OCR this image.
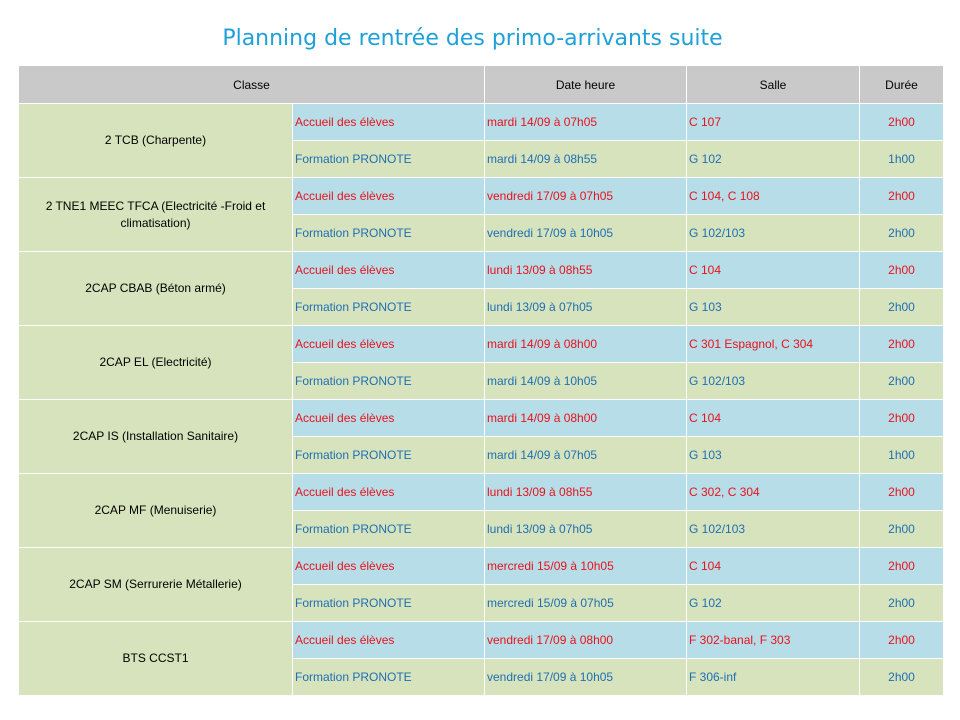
Planning de rentrée des primo-arrivants suite
Classe		Date heure	Salle	Durée
2 TCB (Charpente)	Accueil des élèves	mardi 14/09 à 07h05	C 107	2h00
	Formation PRONOTE	mardi 14/09 à 08h55	G 102	1h00
2 TNE1 MEEC TFCA (Electricité -Froid et climatisation)	Accueil des élèves	vendredi 17/09 à 07h05	C 104, C 108	2h00
	Formation PRONOTE	vendredi 17/09 à 10h05	G 102/103	2h00
2CAP CBAB (Béton armé)	Accueil des élèves	lundi 13/09 à 08h55	C 104	2h00
	Formation PRONOTE	lundi 13/09 à 07h05	G 103	2h00
2CAP EL (Electricité)	Accueil des élèves	mardi 14/09 à 08h00	C 301 Espagnol, C 304	2h00
	Formation PRONOTE	mardi 14/09 à 10h05	G 102/103	2h00
2CAP IS (Installation Sanitaire)	Accueil des élèves	mardi 14/09 à 08h00	C 104	2h00
	Formation PRONOTE	mardi 14/09 à 07h05	G 103	1h00
2CAP MF (Menuiserie)	Accueil des élèves	lundi 13/09 à 08h55	C 302, C 304	2h00
	Formation PRONOTE	lundi 13/09 à 07h05	G 102/103	2h00
2CAP SM (Serrurerie Métallerie)	Accueil des élèves	mercredi 15/09 à 10h05	C 104	2h00
	Formation PRONOTE	mercredi 15/09 à 07h05	G 102	2h00
BTS CCST1	Accueil des élèves	vendredi 17/09 à 08h00	F 302-banal, F 303	2h00
	Formation PRONOTE	vendredi 17/09 à 10h05	F 306-inf	2h00
